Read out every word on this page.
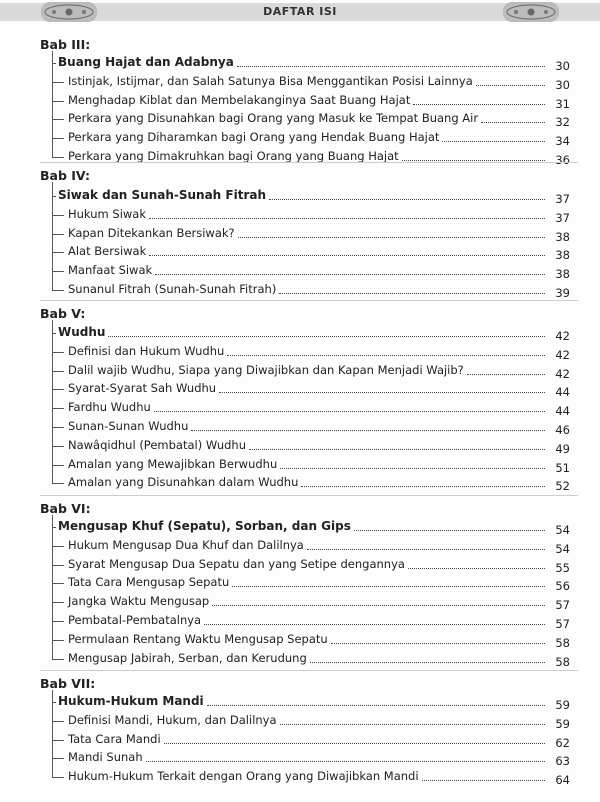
DAFTAR ISI
Bab III:
Buang Hajat dan Adabnya	30
Istinjak, Istijmar, dan Salah Satunya Bisa Menggantikan Posisi Lainnya	30
Menghadap Kiblat dan Membelakanginya Saat Buang Hajat	31
Perkara yang Disunahkan bagi Orang yang Masuk ke Tempat Buang Air	32
Perkara yang Diharamkan bagi Orang yang Hendak Buang Hajat	34
Perkara yang Dimakruhkan bagi Orang yang Buang Hajat	36
Bab IV:
Siwak dan Sunah-Sunah Fitrah	37
Hukum Siwak	37
Kapan Ditekankan Bersiwak?	38
Alat Bersiwak	38
Manfaat Siwak	38
Sunanul Fitrah (Sunah-Sunah Fitrah)	39
Bab V:
Wudhu	42
Definisi dan Hukum Wudhu	42
Dalil wajib Wudhu, Siapa yang Diwajibkan dan Kapan Menjadi Wajib?	42
Syarat-Syarat Sah Wudhu	44
Fardhu Wudhu	44
Sunan-Sunan Wudhu	46
Nawâqidhul (Pembatal) Wudhu	49
Amalan yang Mewajibkan Berwudhu	51
Amalan yang Disunahkan dalam Wudhu	52
Bab VI:
Mengusap Khuf (Sepatu), Sorban, dan Gips	54
Hukum Mengusap Dua Khuf dan Dalilnya	54
Syarat Mengusap Dua Sepatu dan yang Setipe dengannya	55
Tata Cara Mengusap Sepatu	56
Jangka Waktu Mengusap	57
Pembatal-Pembatalnya	57
Permulaan Rentang Waktu Mengusap Sepatu	58
Mengusap Jabirah, Serban, dan Kerudung	58
Bab VII:
Hukum-Hukum Mandi	59
Definisi Mandi, Hukum, dan Dalilnya	59
Tata Cara Mandi	62
Mandi Sunah	63
Hukum-Hukum Terkait dengan Orang yang Diwajibkan Mandi	64
